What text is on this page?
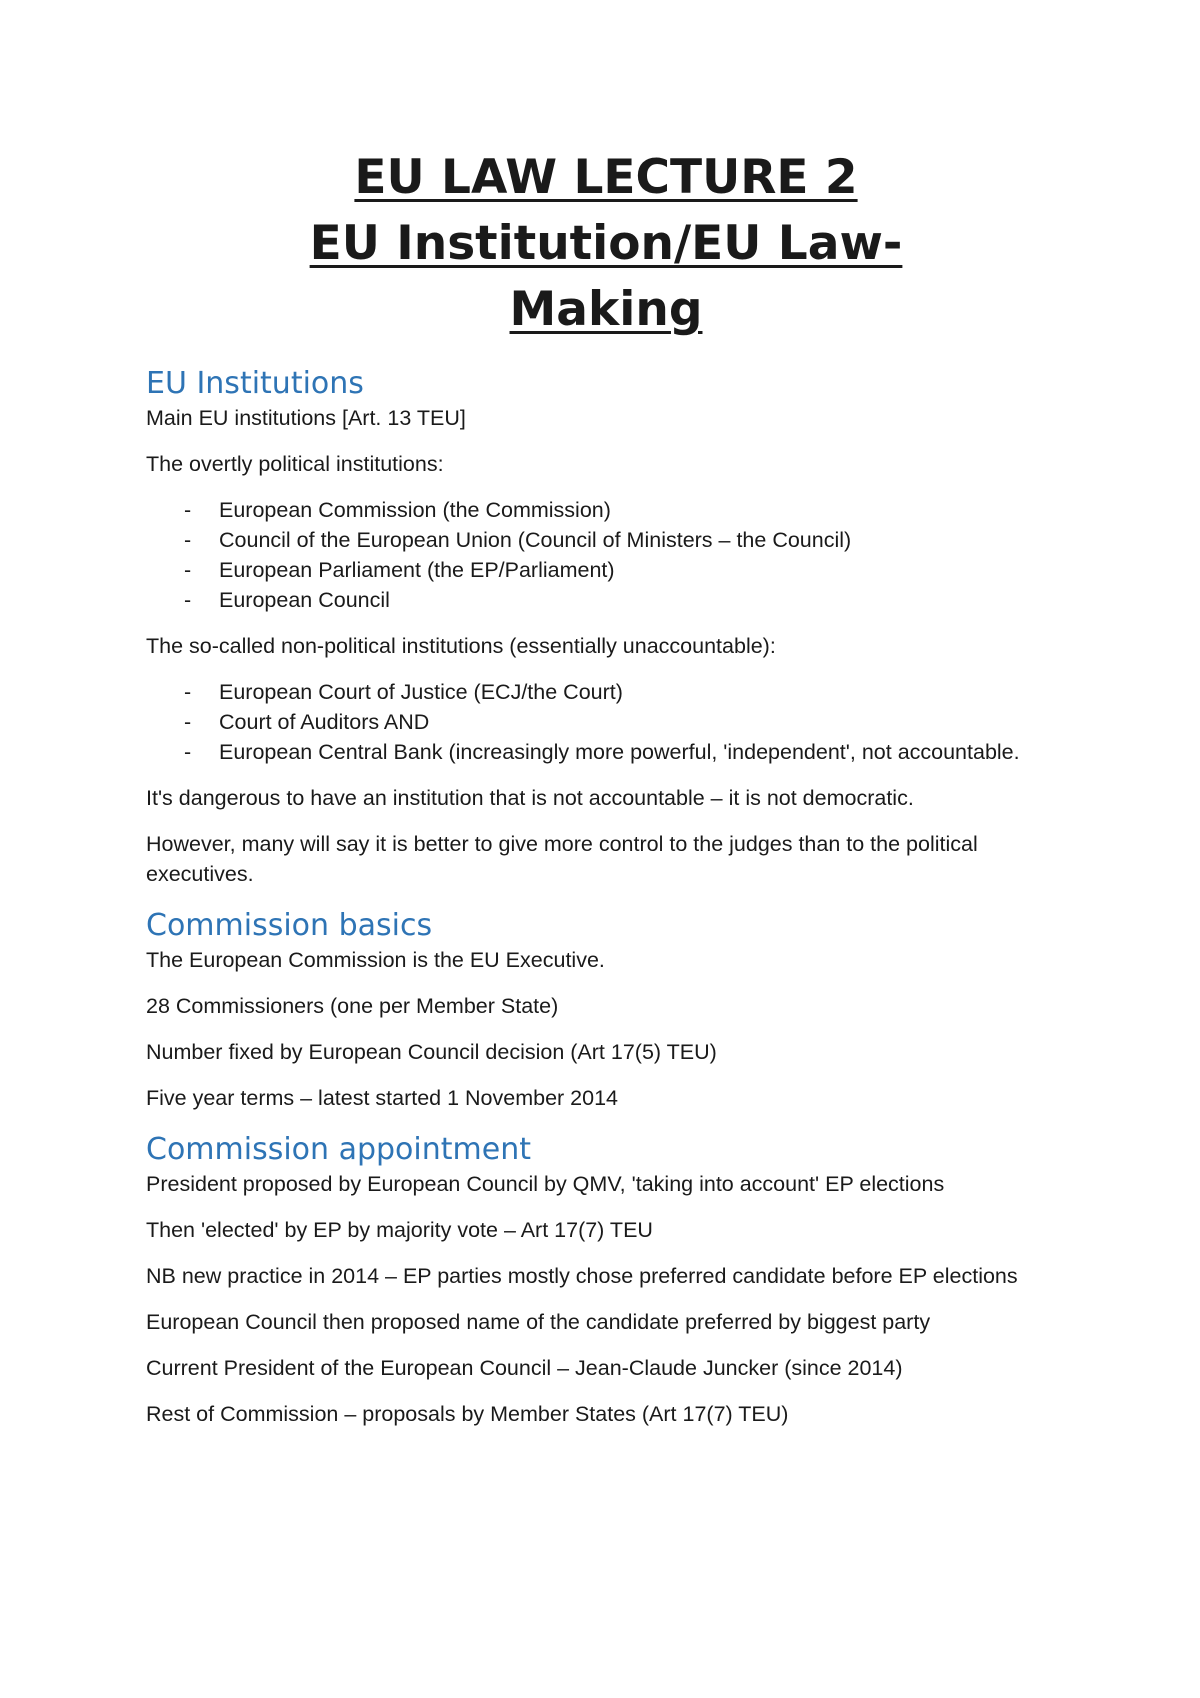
EU LAW LECTURE 2
EU Institution/EU Law-
Making
EU Institutions

Main EU institutions [Art. 13 TEU]

The overtly political institutions:

- European Commission (the Commission)
- Council of the European Union (Council of Ministers – the Council)
- European Parliament (the EP/Parliament)
- European Council

The so-called non-political institutions (essentially unaccountable):

- European Court of Justice (ECJ/the Court)
- Court of Auditors AND
- European Central Bank (increasingly more powerful, 'independent', not accountable.

It's dangerous to have an institution that is not accountable – it is not democratic.

However, many will say it is better to give more control to the judges than to the political executives.

Commission basics

The European Commission is the EU Executive.

28 Commissioners (one per Member State)

Number fixed by European Council decision (Art 17(5) TEU)

Five year terms – latest started 1 November 2014

Commission appointment

President proposed by European Council by QMV, 'taking into account' EP elections

Then 'elected' by EP by majority vote – Art 17(7) TEU

NB new practice in 2014 – EP parties mostly chose preferred candidate before EP elections

European Council then proposed name of the candidate preferred by biggest party

Current President of the European Council – Jean-Claude Juncker (since 2014)

Rest of Commission – proposals by Member States (Art 17(7) TEU)
